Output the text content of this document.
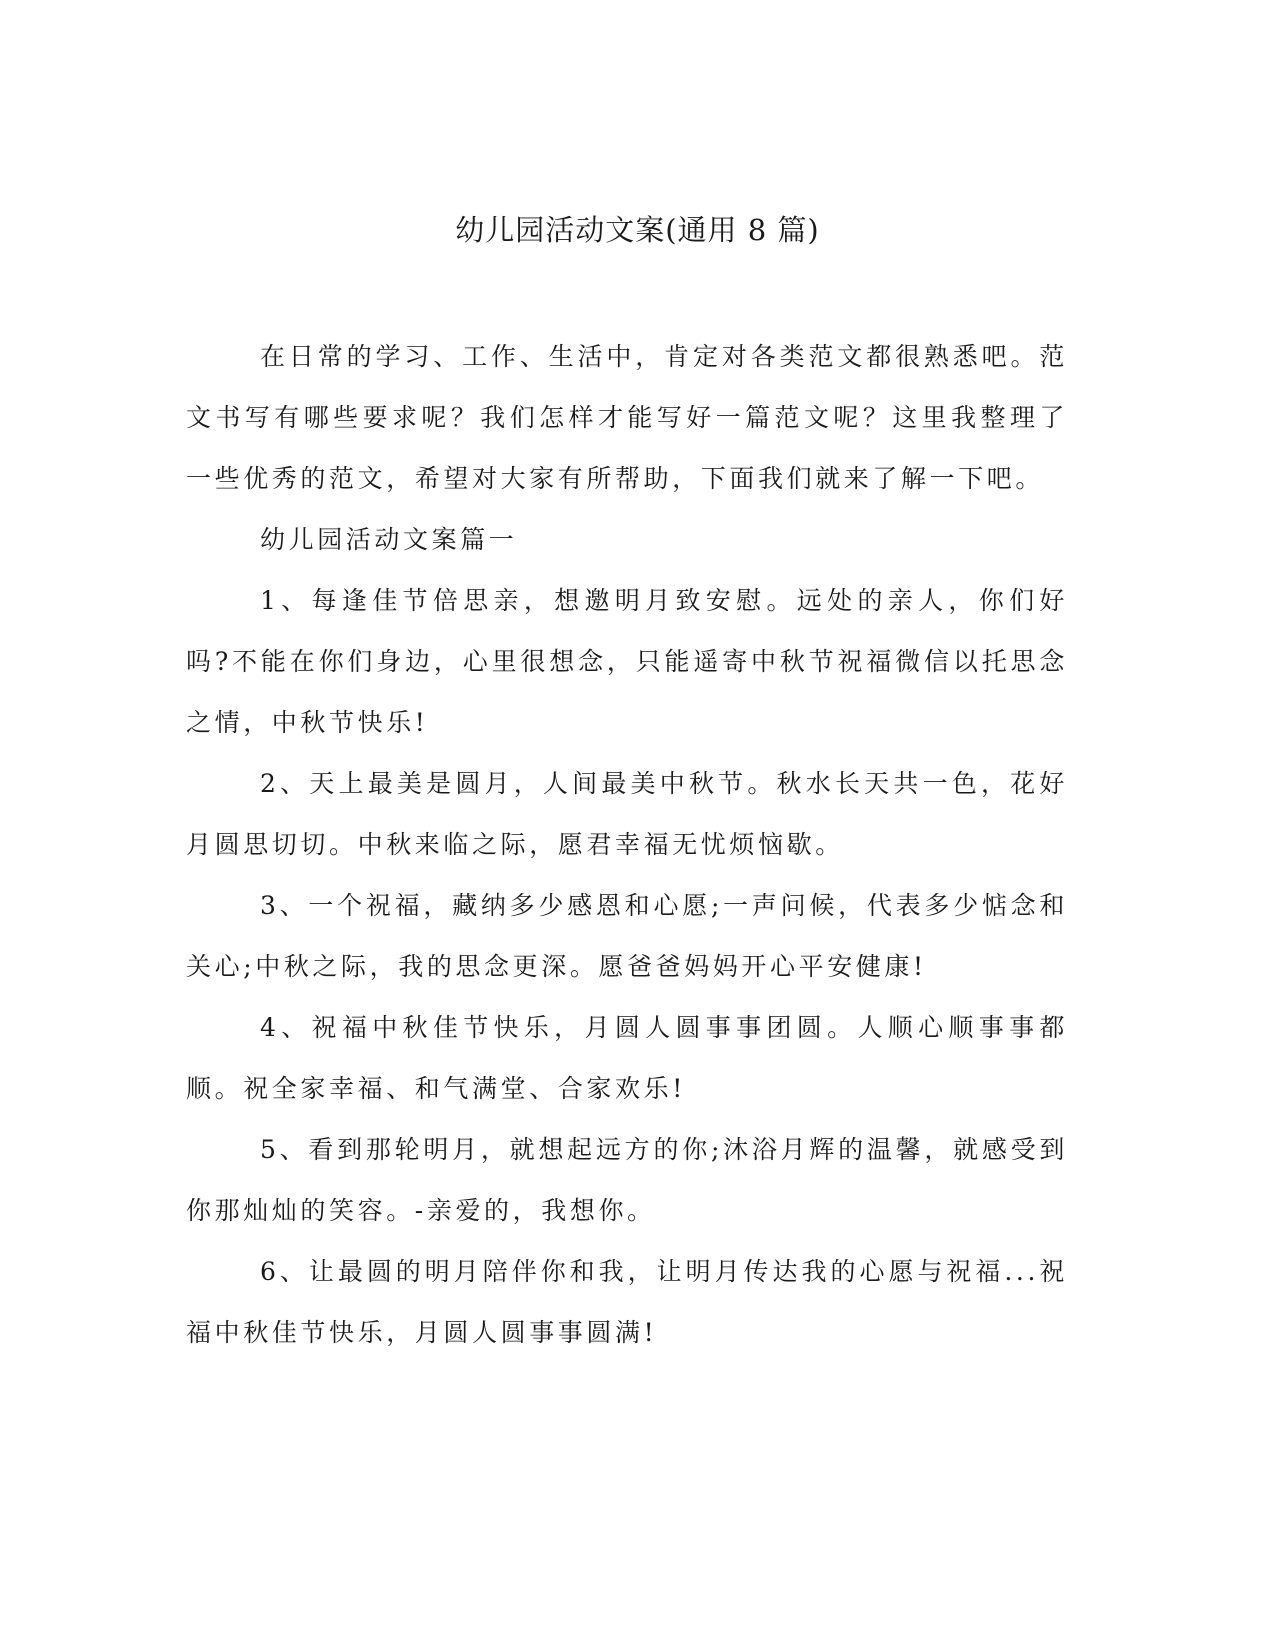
幼儿园活动文案(通用 8 篇)

在日常的学习、工作、生活中，肯定对各类范文都很熟悉吧。范文书写有哪些要求呢？我们怎样才能写好一篇范文呢？这里我整理了一些优秀的范文，希望对大家有所帮助，下面我们就来了解一下吧。

幼儿园活动文案篇一

1、每逢佳节倍思亲，想邀明月致安慰。远处的亲人，你们好吗?不能在你们身边，心里很想念，只能遥寄中秋节祝福微信以托思念之情，中秋节快乐!

2、天上最美是圆月，人间最美中秋节。秋水长天共一色，花好月圆思切切。中秋来临之际，愿君幸福无忧烦恼歇。

3、一个祝福，藏纳多少感恩和心愿;一声问候，代表多少惦念和关心;中秋之际，我的思念更深。愿爸爸妈妈开心平安健康!

4、祝福中秋佳节快乐，月圆人圆事事团圆。人顺心顺事事都顺。祝全家幸福、和气满堂、合家欢乐!

5、看到那轮明月，就想起远方的你;沐浴月辉的温馨，就感受到你那灿灿的笑容。-亲爱的，我想你。

6、让最圆的明月陪伴你和我，让明月传达我的心愿与祝福...祝福中秋佳节快乐，月圆人圆事事圆满!
